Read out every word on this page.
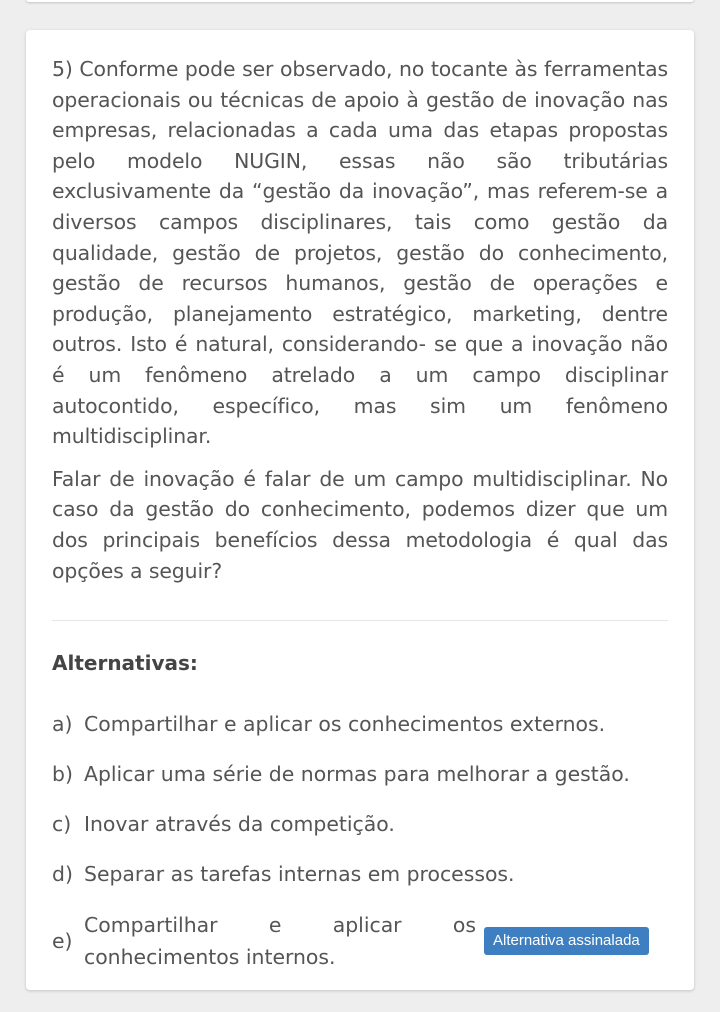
5) Conforme pode ser observado, no tocante às ferramentas operacionais ou técnicas de apoio à gestão de inovação nas empresas, relacionadas a cada uma das etapas propostas pelo modelo NUGIN, essas não são tributárias exclusivamente da “gestão da inovação”, mas referem-se a diversos campos disciplinares, tais como gestão da qualidade, gestão de projetos, gestão do conhecimento, gestão de recursos humanos, gestão de operações e produção, planejamento estratégico, marketing, dentre outros. Isto é natural, considerando- se que a inovação não é um fenômeno atrelado a um campo disciplinar autocontido, específico, mas sim um fenômeno multidisciplinar.

Falar de inovação é falar de um campo multidisciplinar. No caso da gestão do conhecimento, podemos dizer que um dos principais benefícios dessa metodologia é qual das opções a seguir?

Alternativas:
a) Compartilhar e aplicar os conhecimentos externos.
b) Aplicar uma série de normas para melhorar a gestão.
c) Inovar através da competição.
d) Separar as tarefas internas em processos.
e)
Compartilhar e aplicar os
conhecimentos internos.
Alternativa assinalada
